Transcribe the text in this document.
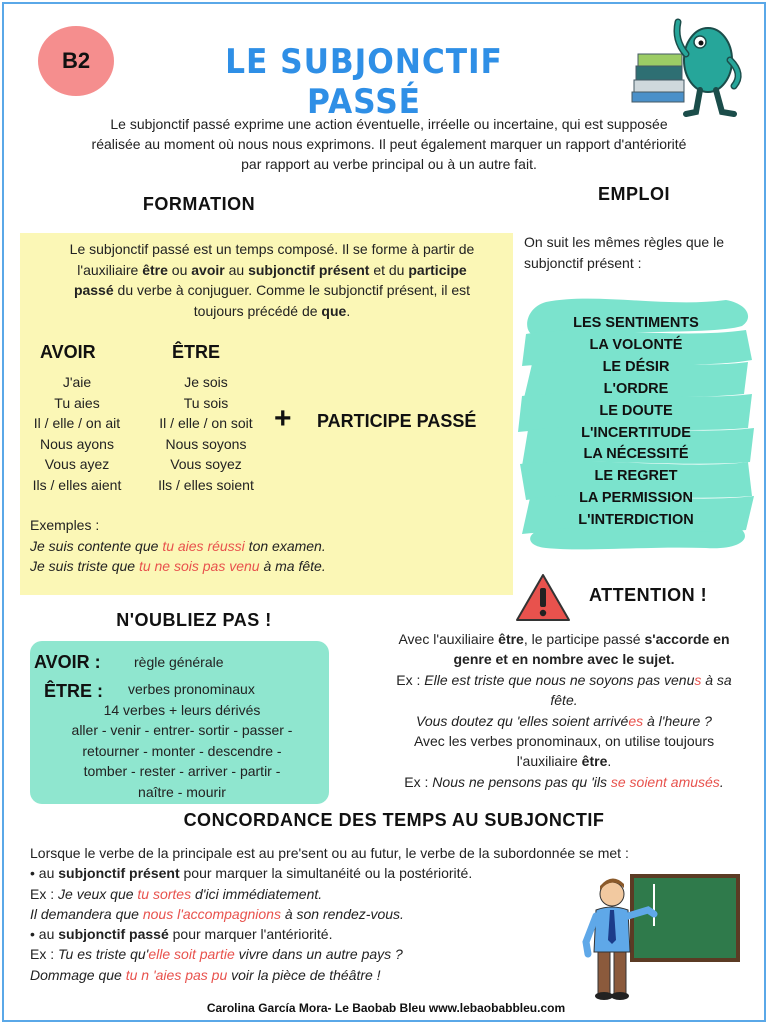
B2	LE SUBJONCTIF PASSÉ
Le subjonctif passé exprime une action éventuelle, irréelle ou incertaine, qui est supposée
réalisée au moment où nous nous exprimons. Il peut également marquer un rapport d'antériorité
par rapport au verbe principal ou à un autre fait.
FORMATION
Le subjonctif passé est un temps composé. Il se forme à partir de
l'auxiliaire être ou avoir au subjonctif présent et du participe
passé du verbe à conjuguer. Comme le subjonctif présent, il est
toujours précédé de que.
AVOIR	ÊTRE
J'aie
Tu aies
Il / elle / on ait
Nous ayons
Vous ayez
Ils / elles aient
Je sois
Tu sois
Il / elle / on soit
Nous soyons
Vous soyez
Ils / elles soient
+ PARTICIPE PASSÉ
Exemples :
Je suis contente que tu aies réussi ton examen.
Je suis triste que tu ne sois pas venu à ma fête.
EMPLOI
On suit les mêmes règles que le
subjonctif présent :
LES SENTIMENTS
LA VOLONTÉ
LE DÉSIR
L'ORDRE
LE DOUTE
L'INCERTITUDE
LA NÉCESSITÉ
LE REGRET
LA PERMISSION
L'INTERDICTION
ATTENTION !
Avec l'auxiliaire être, le participe passé s'accorde en
genre et en nombre avec le sujet.
Ex : Elle est triste que nous ne soyons pas venus à sa
fête.
Vous doutez qu 'elles soient arrivées à l'heure ?
Avec les verbes pronominaux, on utilise toujours
l'auxiliaire être.
Ex : Nous ne pensons pas qu 'ils se soient amusés.
N'OUBLIEZ PAS !
AVOIR : règle générale
ÊTRE : verbes pronominaux
14 verbes + leurs dérivés
aller - venir - entrer- sortir - passer -
retourner - monter - descendre -
tomber - rester - arriver - partir -
naître - mourir
CONCORDANCE DES TEMPS AU SUBJONCTIF
Lorsque le verbe de la principale est au pre'sent ou au futur, le verbe de la subordonnée se met :
• au subjonctif présent pour marquer la simultanéité ou la postériorité.
Ex : Je veux que tu sortes d'ici immédiatement.
Il demandera que nous l'accompagnions à son rendez-vous.
• au subjonctif passé pour marquer l'antériorité.
Ex : Tu es triste qu'elle soit partie vivre dans un autre pays ?
Dommage que tu n 'aies pas pu voir la pièce de théâtre !
Carolina García Mora- Le Baobab Bleu www.lebaobabbleu.com
